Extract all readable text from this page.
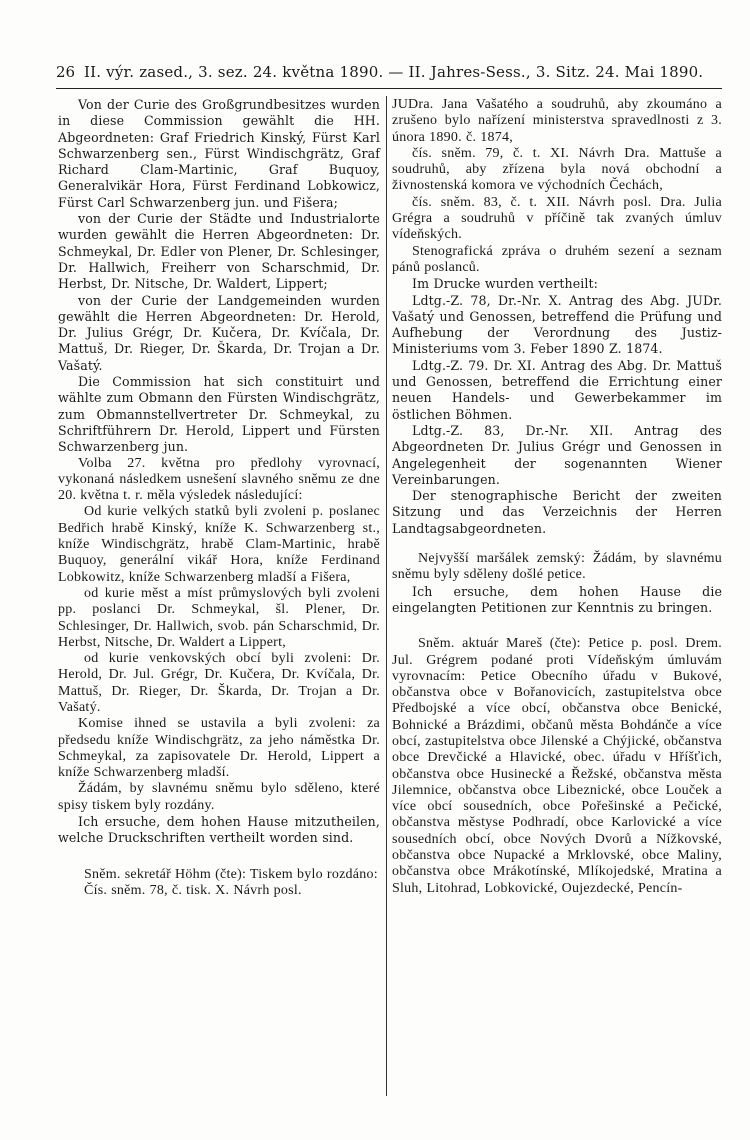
26 II. výr. zased., 3. sez. 24. května 1890. — II. Jahres-Sess., 3. Sitz. 24. Mai 1890.

Von der Curie des Großgrundbesitzes wurden in diese Commission gewählt die HH. Abgeordneten: Graf Friedrich Kinský, Fürst Karl Schwarzenberg sen., Fürst Windischgrätz, Graf Richard Clam-Martinic, Graf Buquoy, Generalvikär Hora, Fürst Ferdinand Lobkowicz, Fürst Carl Schwarzenberg jun. und Fišera;

von der Curie der Städte und Industrialorte wurden gewählt die Herren Abgeordneten: Dr. Schmeykal, Dr. Edler von Plener, Dr. Schlesinger, Dr. Hallwich, Freiherr von Scharschmid, Dr. Herbst, Dr. Nitsche, Dr. Waldert, Lippert;

von der Curie der Landgemeinden wurden gewählt die Herren Abgeordneten: Dr. Herold, Dr. Julius Grégr, Dr. Kučera, Dr. Kvíčala, Dr. Mattuš, Dr. Rieger, Dr. Škarda, Dr. Trojan a Dr. Vašatý.

Die Commission hat sich constituirt und wählte zum Obmann den Fürsten Windischgrätz, zum Obmannstellvertreter Dr. Schmeykal, zu Schriftführern Dr. Herold, Lippert und Fürsten Schwarzenberg jun.

Volba 27. května pro předlohy vyrovnací, vykonaná následkem usnešení slavného sněmu ze dne 20. května t. r. měla výsledek následující:

Od kurie velkých statků byli zvoleni p. poslanec Bedřich hrabě Kinský, kníže K. Schwarzenberg st., kníže Windischgrätz, hrabě Clam-Martinic, hrabě Buquoy, generální vikář Hora, kníže Ferdinand Lobkowitz, kníže Schwarzenberg mladší a Fišera,

od kurie měst a míst průmyslových byli zvoleni pp. poslanci Dr. Schmeykal, šl. Plener, Dr. Schlesinger, Dr. Hallwich, svob. pán Scharschmid, Dr. Herbst, Nitsche, Dr. Waldert a Lippert,

od kurie venkovských obcí byli zvoleni: Dr. Herold, Dr. Jul. Grégr, Dr. Kučera, Dr. Kvíčala, Dr. Mattuš, Dr. Rieger, Dr. Škarda, Dr. Trojan a Dr. Vašatý.

Komise ihned se ustavila a byli zvoleni: za předsedu kníže Windischgrätz, za jeho náměstka Dr. Schmeykal, za zapisovatele Dr. Herold, Lippert a kníže Schwarzenberg mladší.

Žádám, by slavnému sněmu bylo sděleno, které spisy tiskem byly rozdány.

Ich ersuche, dem hohen Hause mitzutheilen, welche Druckschriften vertheilt worden sind.

Sněm. sekretář Höhm (čte): Tiskem bylo rozdáno:

Čís. sněm. 78, č. tisk. X. Návrh posl.

JUDra. Jana Vašatého a soudruhů, aby zkoumáno a zrušeno bylo nařízení ministerstva spravedlnosti z 3. února 1890. č. 1874,

čís. sněm. 79, č. t. XI. Návrh Dra. Mattuše a soudruhů, aby zřízena byla nová obchodní a živnostenská komora ve východních Čechách,

čís. sněm. 83, č. t. XII. Návrh posl. Dra. Julia Grégra a soudruhů v příčině tak zvaných úmluv vídeňských.

Stenografická zpráva o druhém sezení a seznam pánů poslanců.

Im Drucke wurden vertheilt:

Ldtg.-Z. 78, Dr.-Nr. X. Antrag des Abg. JUDr. Vašatý und Genossen, betreffend die Prüfung und Aufhebung der Verordnung des Justiz-Ministeriums vom 3. Feber 1890 Z. 1874.

Ldtg.-Z. 79. Dr. XI. Antrag des Abg. Dr. Mattuš und Genossen, betreffend die Errichtung einer neuen Handels- und Gewerbekammer im östlichen Böhmen.

Ldtg.-Z. 83, Dr.-Nr. XII. Antrag des Abgeordneten Dr. Julius Grégr und Genossen in Angelegenheit der sogenannten Wiener Vereinbarungen.

Der stenographische Bericht der zweiten Sitzung und das Verzeichnis der Herren Landtagsabgeordneten.

Nejvyšší maršálek zemský: Žádám, by slavnému sněmu byly sděleny došlé petice.

Ich ersuche, dem hohen Hause die eingelangten Petitionen zur Kenntnis zu bringen.

Sněm. aktuár Mareš (čte): Petice p. posl. Drem. Jul. Grégrem podané proti Vídeňským úmluvám vyrovnacím: Petice Obecního úřadu v Bukové, občanstva obce v Bořanovicích, zastupitelstva obce Předbojské a více obcí, občanstva obce Benické, Bohnické a Brázdimi, občanů města Bohdánče a více obcí, zastupitelstva obce Jilenské a Chýjické, občanstva obce Drevčické a Hlavické, obec. úřadu v Hříšťich, občanstva obce Husinecké a Řežské, občanstva města Jilemnice, občanstva obce Libeznické, obce Louček a více obcí sousedních, obce Pořešinské a Pečické, občanstva městyse Podhradí, obce Karlovické a více sousedních obcí, obce Nových Dvorů a Nížkovské, občanstva obce Nupacké a Mrklovské, obce Maliny, občanstva obce Mrákotínské, Mlíkojedské, Mratina a Sluh, Litohrad, Lobkovické, Oujezdecké, Pencín-
